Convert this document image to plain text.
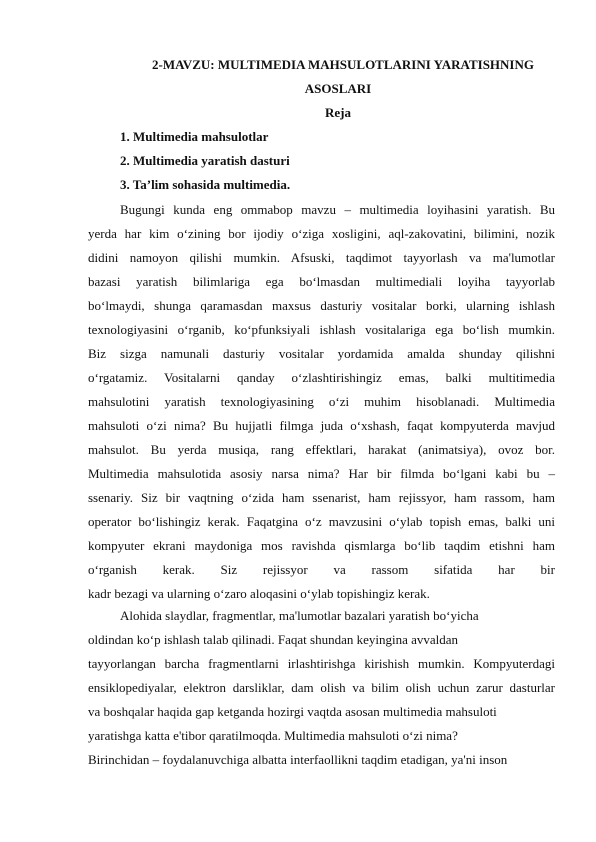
2-MAVZU: MULTIMEDIA MAHSULOTLARINI YARATISHNING
ASOSLARI
Reja
1. Multimedia mahsulotlar
2. Multimedia yaratish dasturi
3. Ta’lim sohasida multimedia.
Bugungi kunda eng ommabop mavzu – multimedia loyihasini yaratish. Bu
yerda har kim o‘zining bor ijodiy o‘ziga xosligini, aql-zakovatini, bilimini, nozik
didini namoyon qilishi mumkin. Afsuski, taqdimot tayyorlash va ma'lumotlar
bazasi yaratish bilimlariga ega bo‘lmasdan multimediali loyiha tayyorlab
bo‘lmaydi, shunga qaramasdan maxsus dasturiy vositalar borki, ularning ishlash
texnologiyasini o‘rganib, ko‘pfunksiyali ishlash vositalariga ega bo‘lish mumkin.
Biz sizga namunali dasturiy vositalar yordamida amalda shunday qilishni
o‘rgatamiz. Vositalarni qanday o‘zlashtirishingiz emas, balki multitimedia
mahsulotini yaratish texnologiyasining o‘zi muhim hisoblanadi. Multimedia
mahsuloti o‘zi nima? Bu hujjatli filmga juda o‘xshash, faqat kompyuterda mavjud
mahsulot. Bu yerda musiqa, rang effektlari, harakat (animatsiya), ovoz bor.
Multimedia mahsulotida asosiy narsa nima? Har bir filmda bo‘lgani kabi bu –
ssenariy. Siz bir vaqtning o‘zida ham ssenarist, ham rejissyor, ham rassom, ham
operator bo‘lishingiz kerak. Faqatgina o‘z mavzusini o‘ylab topish emas, balki uni
kompyuter ekrani maydoniga mos ravishda qismlarga bo‘lib taqdim etishni ham
o‘rganish kerak. Siz rejissyor va rassom sifatida har bir
kadr bezagi va ularning o‘zaro aloqasini o‘ylab topishingiz kerak.
Alohida slaydlar, fragmentlar, ma'lumotlar bazalari yaratish bo‘yicha
oldindan ko‘p ishlash talab qilinadi. Faqat shundan keyingina avvaldan
tayyorlangan barcha fragmentlarni irlashtirishga kirishish mumkin. Kompyuterdagi
ensiklopediyalar, elektron darsliklar, dam olish va bilim olish uchun zarur dasturlar
va boshqalar haqida gap ketganda hozirgi vaqtda asosan multimedia mahsuloti
yaratishga katta e'tibor qaratilmoqda. Multimedia mahsuloti o‘zi nima?
Birinchidan – foydalanuvchiga albatta interfaollikni taqdim etadigan, ya'ni inson
